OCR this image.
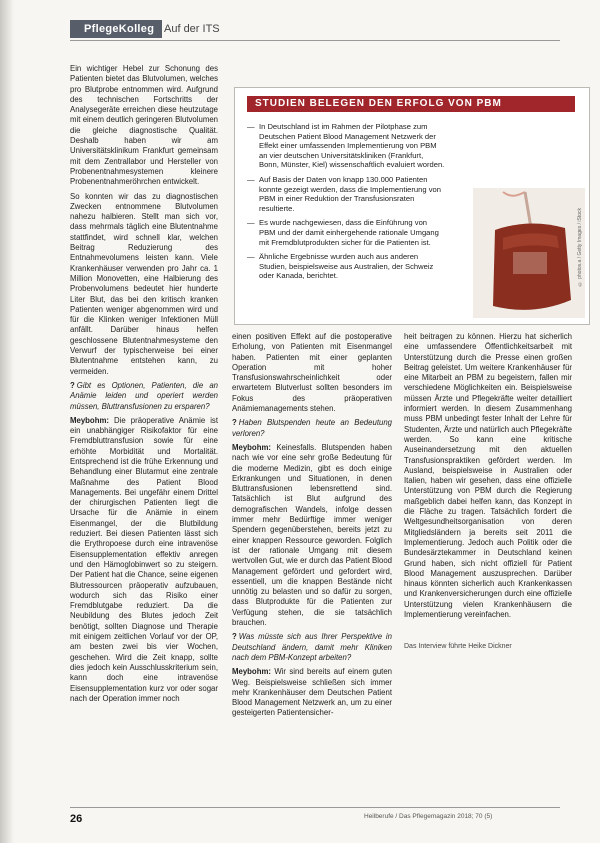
PflegeKolleg Auf der ITS

Ein wichtiger Hebel zur Schonung des Patienten bietet das Blutvolumen, welches pro Blutprobe entnommen wird. Aufgrund des technischen Fortschritts der Analysegeräte erreichen diese heutzutage mit einem deutlich geringeren Blutvolumen die gleiche diagnostische Qualität. Deshalb haben wir am Universitätsklinikum Frankfurt gemeinsam mit dem Zentrallabor und Hersteller von Probenentnahmesystemen kleinere Probenentnahmeröhrchen entwickelt.

So konnten wir das zu diagnostischen Zwecken entnommene Blutvolumen nahezu halbieren. Stellt man sich vor, dass mehrmals täglich eine Blutentnahme stattfindet, wird schnell klar, welchen Beitrag Reduzierung des Entnahmevolumens leisten kann. Viele Krankenhäuser verwenden pro Jahr ca. 1 Million Monovetten, eine Halbierung des Probenvolumens bedeutet hier hunderte Liter Blut, das bei den kritisch kranken Patienten weniger abgenommen wird und für die Klinken weniger Infektionen Müll anfällt. Darüber hinaus helfen geschlossene Blutentnahmesysteme den Verwurf der typischerweise bei einer Blutentnahme entstehen kann, zu vermeiden.

? Gibt es Optionen, Patienten, die an Anämie leiden und operiert werden müssen, Bluttransfusionen zu ersparen?

Meybohm: Die präoperative Anämie ist ein unabhängiger Risikofaktor für eine Fremdbluttransfusion sowie für eine erhöhte Morbidität und Mortalität. Entsprechend ist die frühe Erkennung und Behandlung einer Blutarmut eine zentrale Maßnahme des Patient Blood Managements. Bei ungefähr einem Drittel der chirurgischen Patienten liegt die Ursache für die Anämie in einem Eisenmangel, der die Blutbildung reduziert. Bei diesen Patienten lässt sich die Erythropoese durch eine intravenöse Eisensupplementation effektiv anregen und den Hämoglobinwert so zu steigern. Der Patient hat die Chance, seine eigenen Blutressourcen präoperativ aufzubauen, wodurch sich das Risiko einer Fremdblutgabe reduziert. Da die Neubildung des Blutes jedoch Zeit benötigt, sollten Diagnose und Therapie mit einigem zeitlichen Vorlauf vor der OP, am besten zwei bis vier Wochen, geschehen. Wird die Zeit knapp, sollte dies jedoch kein Ausschlusskriterium sein, kann doch eine intravenöse Eisensupplementation kurz vor oder sogar nach der Operation immer noch

STUDIEN BELEGEN DEN ERFOLG VON PBM
— In Deutschland ist im Rahmen der Pilotphase zum Deutschen Patient Blood Management Netzwerk der Effekt einer umfassenden Implementierung von PBM an vier deutschen Universitätskliniken (Frankfurt, Bonn, Münster, Kiel) wissenschaftlich evaluiert worden.
— Auf Basis der Daten von knapp 130.000 Patienten konnte gezeigt werden, dass die Implementierung von PBM in einer Reduktion der Transfusionsraten resultierte.
— Es wurde nachgewiesen, dass die Einführung von PBM und der damit einhergehende rationale Umgang mit Fremdblutprodukten sicher für die Patienten ist.
— Ähnliche Ergebnisse wurden auch aus anderen Studien, beispielsweise aus Australien, der Schweiz oder Kanada, berichtet.	© photos.a / Getty Images / iStock

einen positiven Effekt auf die postoperative Erholung, von Patienten mit Eisenmangel haben. Patienten mit einer geplanten Operation mit hoher Transfusionswahrscheinlichkeit oder erwartetem Blutverlust sollten besonders im Fokus des präoperativen Anämiemanagements stehen.

? Haben Blutspenden heute an Bedeutung verloren?

Meybohm: Keinesfalls. Blutspenden haben nach wie vor eine sehr große Bedeutung für die moderne Medizin, gibt es doch einige Erkrankungen und Situationen, in denen Bluttransfusionen lebensrettend sind. Tatsächlich ist Blut aufgrund des demografischen Wandels, infolge dessen immer mehr Bedürftige immer weniger Spendern gegenüberstehen, bereits jetzt zu einer knappen Ressource geworden. Folglich ist der rationale Umgang mit diesem wertvollen Gut, wie er durch das Patient Blood Management gefördert und gefordert wird, essentiell, um die knappen Bestände nicht unnötig zu belasten und so dafür zu sorgen, dass Blutprodukte für die Patienten zur Verfügung stehen, die sie tatsächlich brauchen.

? Was müsste sich aus Ihrer Perspektive in Deutschland ändern, damit mehr Kliniken nach dem PBM-Konzept arbeiten?

Meybohm: Wir sind bereits auf einem guten Weg. Beispielsweise schließen sich immer mehr Krankenhäuser dem Deutschen Patient Blood Management Netzwerk an, um zu einer gesteigerten Patientensicher-

heit beitragen zu können. Hierzu hat sicherlich eine umfassendere Öffentlichkeitsarbeit mit Unterstützung durch die Presse einen großen Beitrag geleistet. Um weitere Krankenhäuser für eine Mitarbeit an PBM zu begeistern, fallen mir verschiedene Möglichkeiten ein. Beispielsweise müssen Ärzte und Pflegekräfte weiter detailliert informiert werden. In diesem Zusammenhang muss PBM unbedingt fester Inhalt der Lehre für Studenten, Ärzte und natürlich auch Pflegekräfte werden. So kann eine kritische Auseinandersetzung mit den aktuellen Transfusionspraktiken gefördert werden. Im Ausland, beispielsweise in Australien oder Italien, haben wir gesehen, dass eine offizielle Unterstützung von PBM durch die Regierung maßgeblich dabei helfen kann, das Konzept in die Fläche zu tragen. Tatsächlich fordert die Weltgesundheitsorganisation von deren Mitgliedsländern ja bereits seit 2011 die Implementierung. Jedoch auch Politik oder die Bundesärztekammer in Deutschland keinen Grund haben, sich nicht offiziell für Patient Blood Management auszusprechen. Darüber hinaus könnten sicherlich auch Krankenkassen und Krankenversicherungen durch eine offizielle Unterstützung vielen Krankenhäusern die Implementierung vereinfachen.

Das Interview führte Heike Dickner

26	Heilberufe / Das Pflegemagazin 2018; 70 (5)
